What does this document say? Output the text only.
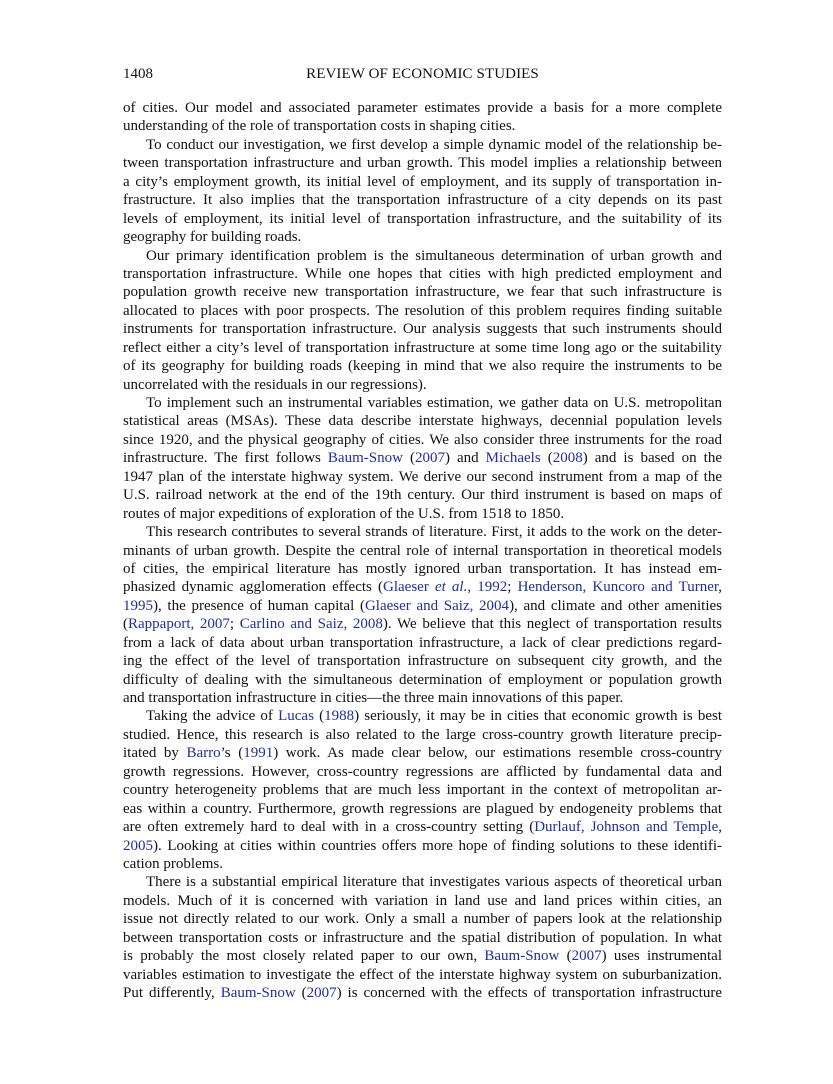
1408	REVIEW OF ECONOMIC STUDIES
of cities. Our model and associated parameter estimates provide a basis for a more complete
understanding of the role of transportation costs in shaping cities.
To conduct our investigation, we first develop a simple dynamic model of the relationship be-
tween transportation infrastructure and urban growth. This model implies a relationship between
a city’s employment growth, its initial level of employment, and its supply of transportation in-
frastructure. It also implies that the transportation infrastructure of a city depends on its past
levels of employment, its initial level of transportation infrastructure, and the suitability of its
geography for building roads.
Our primary identification problem is the simultaneous determination of urban growth and
transportation infrastructure. While one hopes that cities with high predicted employment and
population growth receive new transportation infrastructure, we fear that such infrastructure is
allocated to places with poor prospects. The resolution of this problem requires finding suitable
instruments for transportation infrastructure. Our analysis suggests that such instruments should
reflect either a city’s level of transportation infrastructure at some time long ago or the suitability
of its geography for building roads (keeping in mind that we also require the instruments to be
uncorrelated with the residuals in our regressions).
To implement such an instrumental variables estimation, we gather data on U.S. metropolitan
statistical areas (MSAs). These data describe interstate highways, decennial population levels
since 1920, and the physical geography of cities. We also consider three instruments for the road
infrastructure. The first follows Baum-Snow (2007) and Michaels (2008) and is based on the
1947 plan of the interstate highway system. We derive our second instrument from a map of the
U.S. railroad network at the end of the 19th century. Our third instrument is based on maps of
routes of major expeditions of exploration of the U.S. from 1518 to 1850.
This research contributes to several strands of literature. First, it adds to the work on the deter-
minants of urban growth. Despite the central role of internal transportation in theoretical models
of cities, the empirical literature has mostly ignored urban transportation. It has instead em-
phasized dynamic agglomeration effects (Glaeser et al., 1992; Henderson, Kuncoro and Turner,
1995), the presence of human capital (Glaeser and Saiz, 2004), and climate and other amenities
(Rappaport, 2007; Carlino and Saiz, 2008). We believe that this neglect of transportation results
from a lack of data about urban transportation infrastructure, a lack of clear predictions regard-
ing the effect of the level of transportation infrastructure on subsequent city growth, and the
difficulty of dealing with the simultaneous determination of employment or population growth
and transportation infrastructure in cities—the three main innovations of this paper.
Taking the advice of Lucas (1988) seriously, it may be in cities that economic growth is best
studied. Hence, this research is also related to the large cross-country growth literature precip-
itated by Barro’s (1991) work. As made clear below, our estimations resemble cross-country
growth regressions. However, cross-country regressions are afflicted by fundamental data and
country heterogeneity problems that are much less important in the context of metropolitan ar-
eas within a country. Furthermore, growth regressions are plagued by endogeneity problems that
are often extremely hard to deal with in a cross-country setting (Durlauf, Johnson and Temple,
2005). Looking at cities within countries offers more hope of finding solutions to these identifi-
cation problems.
There is a substantial empirical literature that investigates various aspects of theoretical urban
models. Much of it is concerned with variation in land use and land prices within cities, an
issue not directly related to our work. Only a small a number of papers look at the relationship
between transportation costs or infrastructure and the spatial distribution of population. In what
is probably the most closely related paper to our own, Baum-Snow (2007) uses instrumental
variables estimation to investigate the effect of the interstate highway system on suburbanization.
Put differently, Baum-Snow (2007) is concerned with the effects of transportation infrastructure
